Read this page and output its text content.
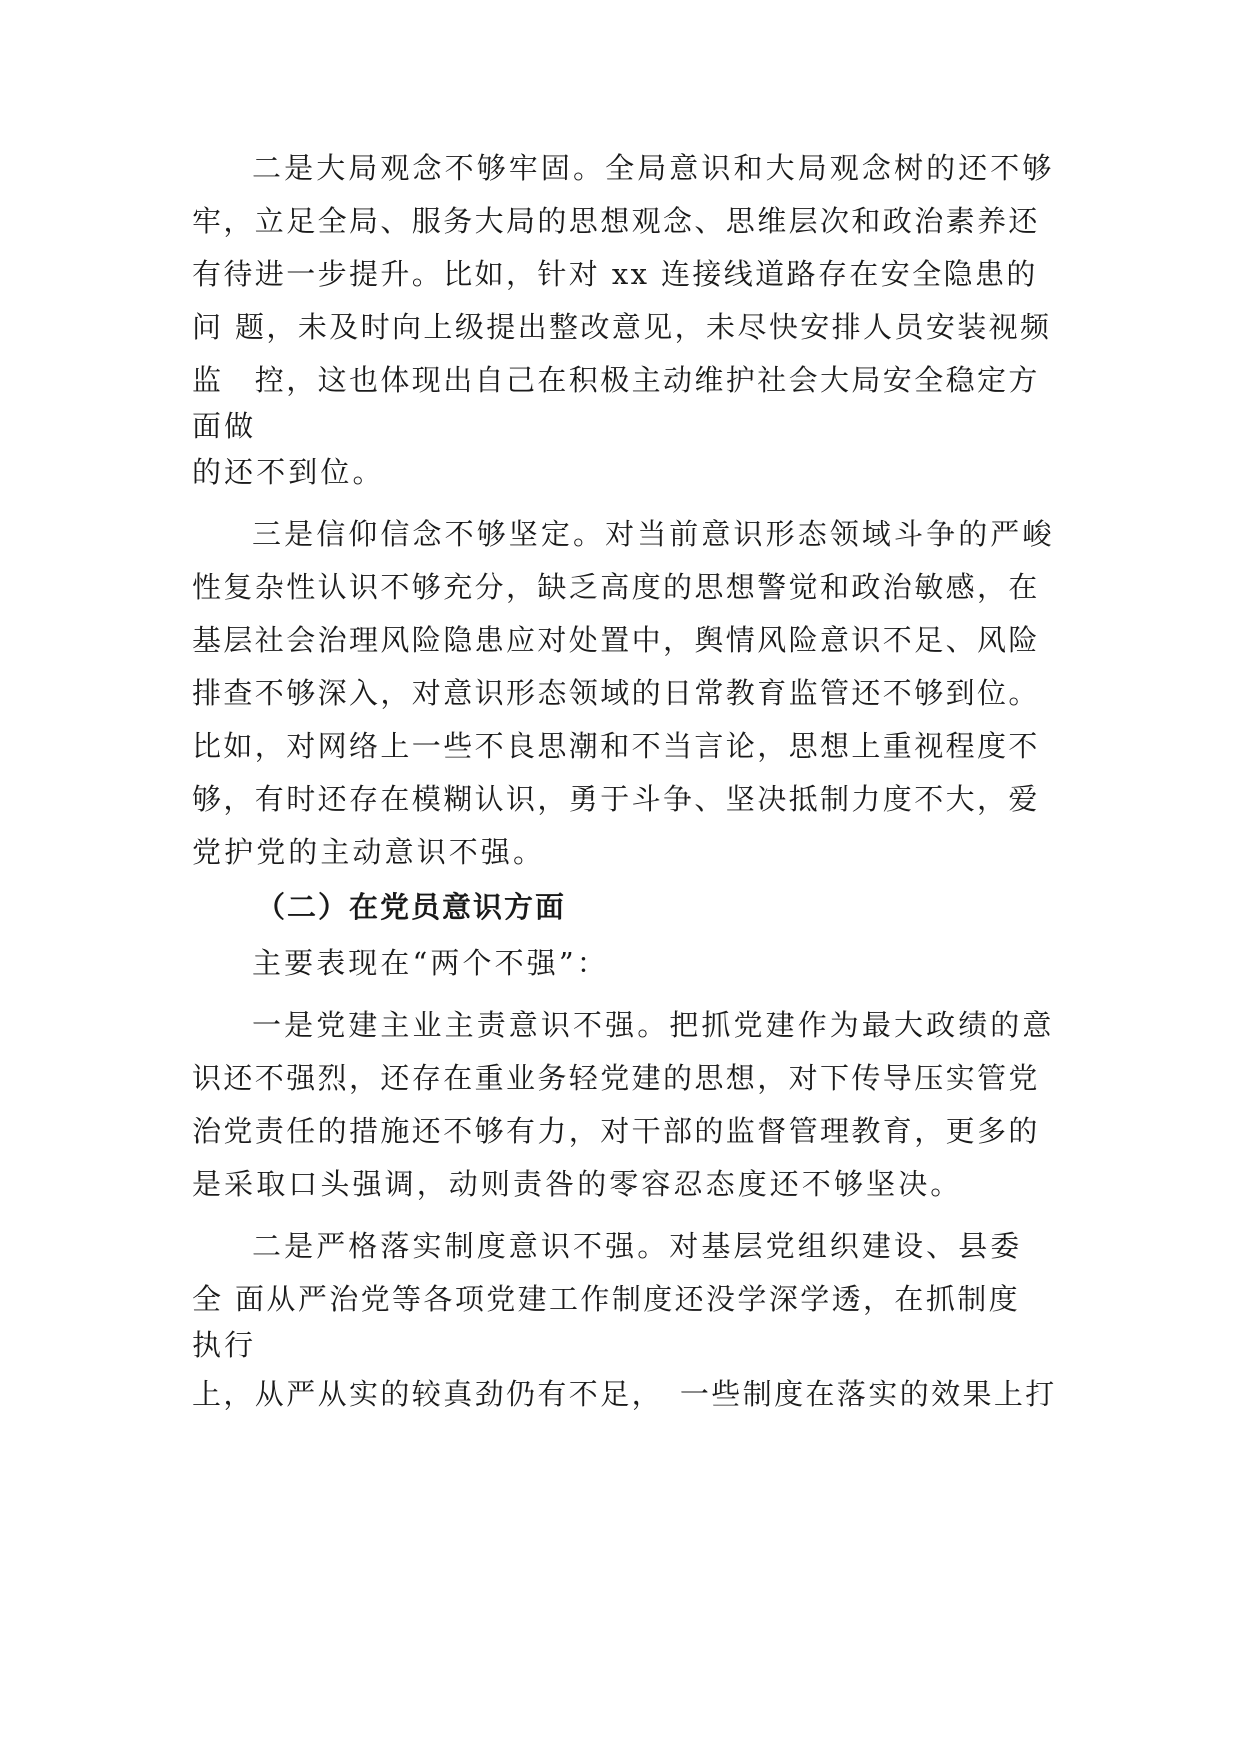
二是大局观念不够牢固。全局意识和大局观念树的还不够
牢，立足全局、服务大局的思想观念、思维层次和政治素养还
有待进一步提升。比如，针对 xx 连接线道路存在安全隐患的
问 题，未及时向上级提出整改意见，未尽快安排人员安装视频
监　控，这也体现出自己在积极主动维护社会大局安全稳定方
面做
的还不到位。
三是信仰信念不够坚定。对当前意识形态领域斗争的严峻
性复杂性认识不够充分，缺乏高度的思想警觉和政治敏感，在
基层社会治理风险隐患应对处置中，舆情风险意识不足、风险
排查不够深入，对意识形态领域的日常教育监管还不够到位。
比如，对网络上一些不良思潮和不当言论，思想上重视程度不
够，有时还存在模糊认识，勇于斗争、坚决抵制力度不大，爱
党护党的主动意识不强。
（二）在党员意识方面
主要表现在“两个不强”：
一是党建主业主责意识不强。把抓党建作为最大政绩的意
识还不强烈，还存在重业务轻党建的思想，对下传导压实管党
治党责任的措施还不够有力，对干部的监督管理教育，更多的
是采取口头强调，动则责咎的零容忍态度还不够坚决。
二是严格落实制度意识不强。对基层党组织建设、县委
全 面从严治党等各项党建工作制度还没学深学透，在抓制度
执行
上，从严从实的较真劲仍有不足，　一些制度在落实的效果上打
